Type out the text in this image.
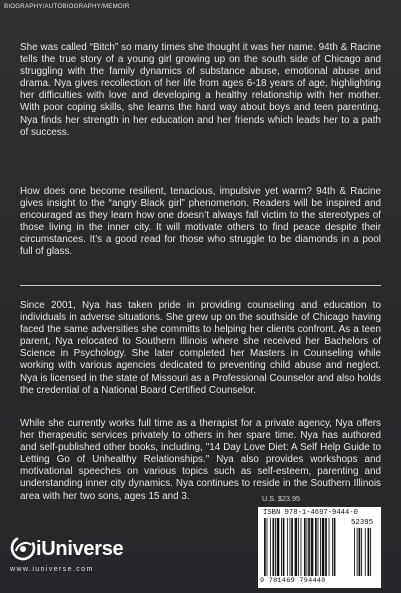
BIOGRAPHY/AUTOBIOGRAPHY/MEMOIR

She was called “Bitch” so many times she thought it was her name. 94th & Racine tells the true story of a young girl growing up on the south side of Chicago and struggling with the family dynamics of substance abuse, emotional abuse and drama. Nya gives recollection of her life from ages 6-18 years of age, highlighting her difficulties with love and developing a healthy relationship with her mother. With poor coping skills, she learns the hard way about boys and teen parenting. Nya finds her strength in her education and her friends which leads her to a path of success.

How does one become resilient, tenacious, impulsive yet warm? 94th & Racine gives insight to the “angry Black girl” phenomenon. Readers will be inspired and encouraged as they learn how one doesn’t always fall victim to the stereotypes of those living in the inner city. It will motivate others to find peace despite their circumstances. It’s a good read for those who struggle to be diamonds in a pool full of glass.

Since 2001, Nya has taken pride in providing counseling and education to individuals in adverse situations. She grew up on the southside of Chicago having faced the same adversities she committs to helping her clients confront. As a teen parent, Nya relocated to Southern Illinois where she received her Bachelors of Science in Psychology. She later completed her Masters in Counseling while working with various agencies dedicated to preventing child abuse and neglect. Nya is licensed in the state of Missouri as a Professional Counselor and also holds the credential of a National Board Certified Counselor.

While she currently works full time as a therapist for a private agency, Nya offers her therapeutic services privately to others in her spare time. Nya has authored and self-published other books, including, "14 Day Love Diet: A Self Help Guide to Letting Go of Unhealthy Relationships." Nya also provides workshops and motivational speeches on various topics such as self-esteem, parenting and understanding inner city dynamics. Nya continues to reside in the Southern Illinois area with her two sons, ages 15 and 3.

iUniverse
www.iuniverse.com
U.S. $23.95
ISBN 978-1-4697-9444-0
52395
9 781469 794440
